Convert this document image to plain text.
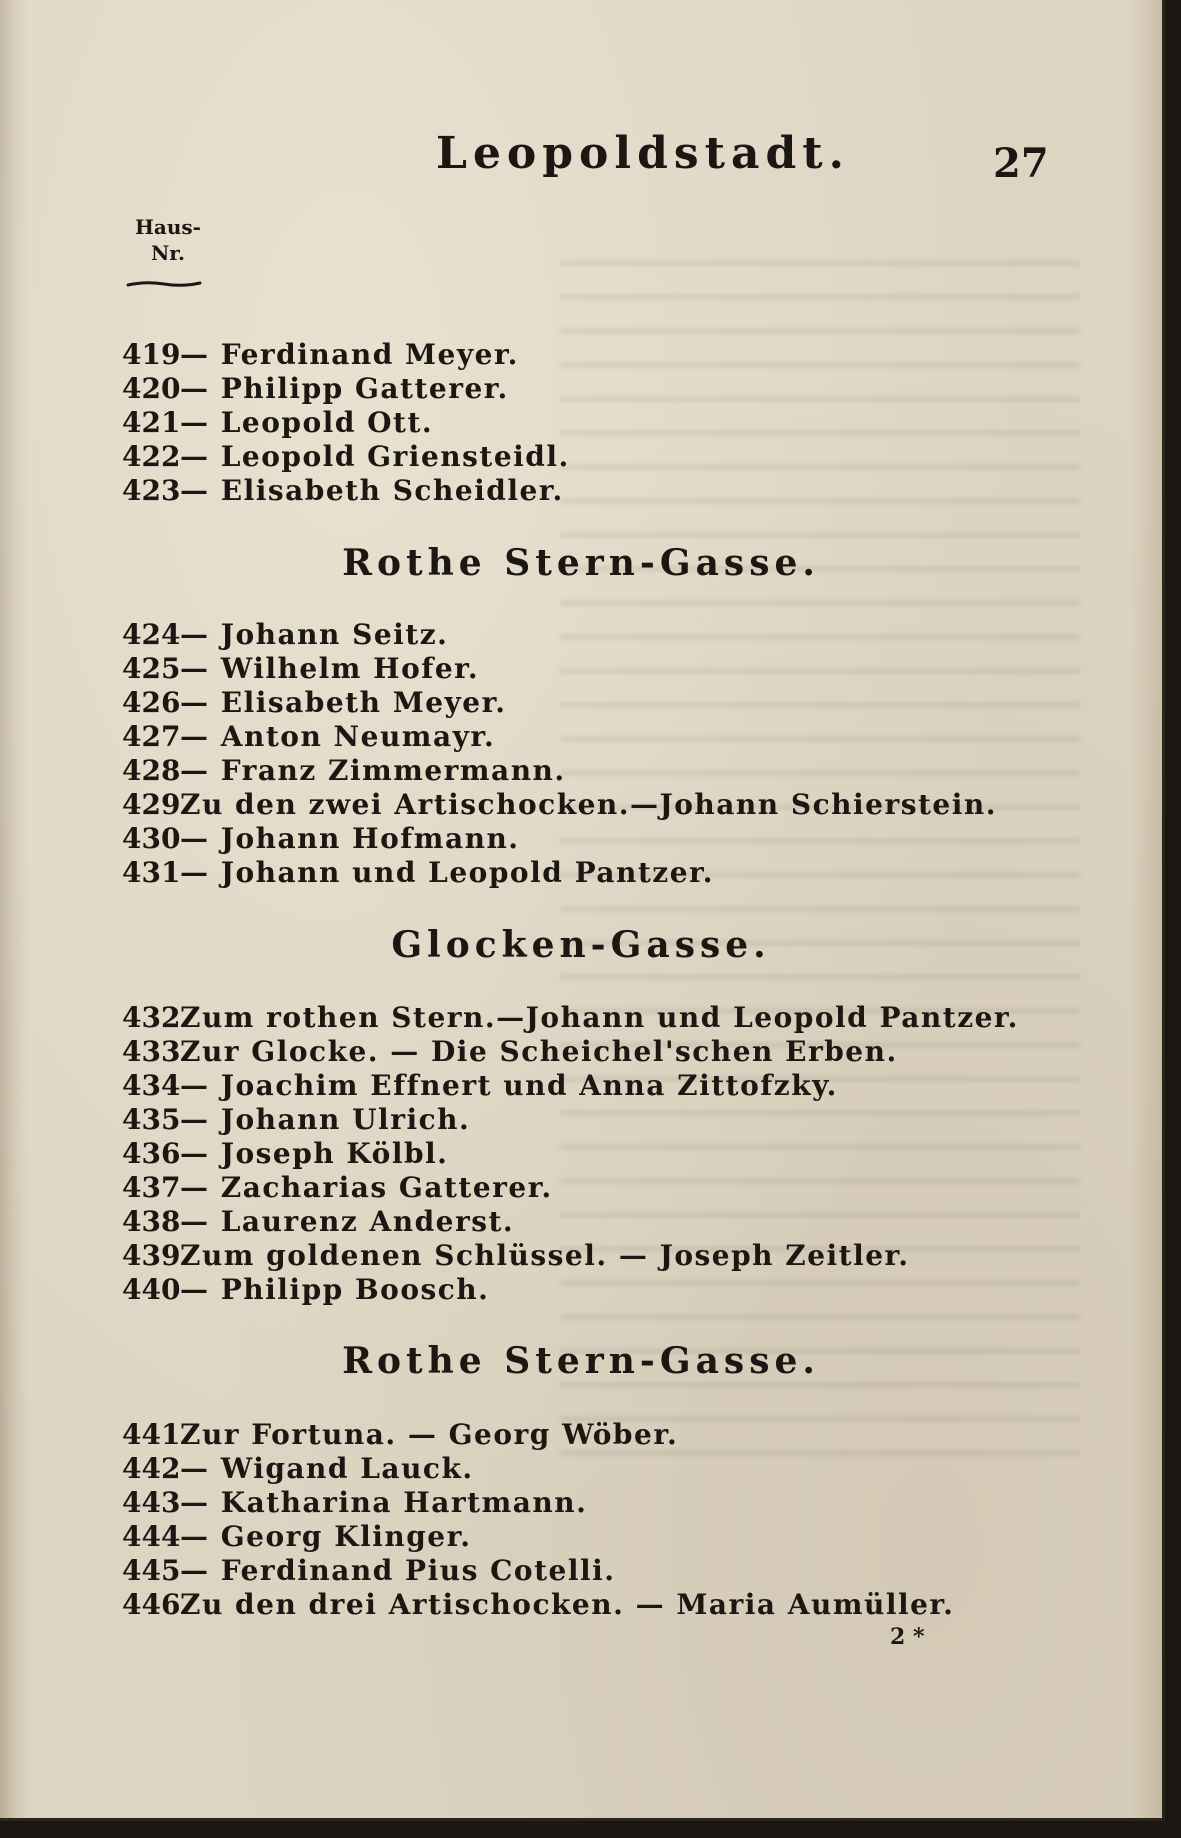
Leopoldstadt.	27
Haus-
Nr.
419— Ferdinand Meyer.
420— Philipp Gatterer.
421— Leopold Ott.
422— Leopold Griensteidl.
423— Elisabeth Scheidler.
Rothe Stern-Gasse.
424— Johann Seitz.
425— Wilhelm Hofer.
426— Elisabeth Meyer.
427— Anton Neumayr.
428— Franz Zimmermann.
429Zu den zwei Artischocken.—Johann Schierstein.
430— Johann Hofmann.
431— Johann und Leopold Pantzer.
Glocken-Gasse.
432Zum rothen Stern.—Johann und Leopold Pantzer.
433Zur Glocke. — Die Scheichel'schen Erben.
434— Joachim Effnert und Anna Zittofzky.
435— Johann Ulrich.
436— Joseph Kölbl.
437— Zacharias Gatterer.
438— Laurenz Anderst.
439Zum goldenen Schlüssel. — Joseph Zeitler.
440— Philipp Boosch.
Rothe Stern-Gasse.
441Zur Fortuna. — Georg Wöber.
442— Wigand Lauck.
443— Katharina Hartmann.
444— Georg Klinger.
445— Ferdinand Pius Cotelli.
446Zu den drei Artischocken. — Maria Aumüller.
2 *
